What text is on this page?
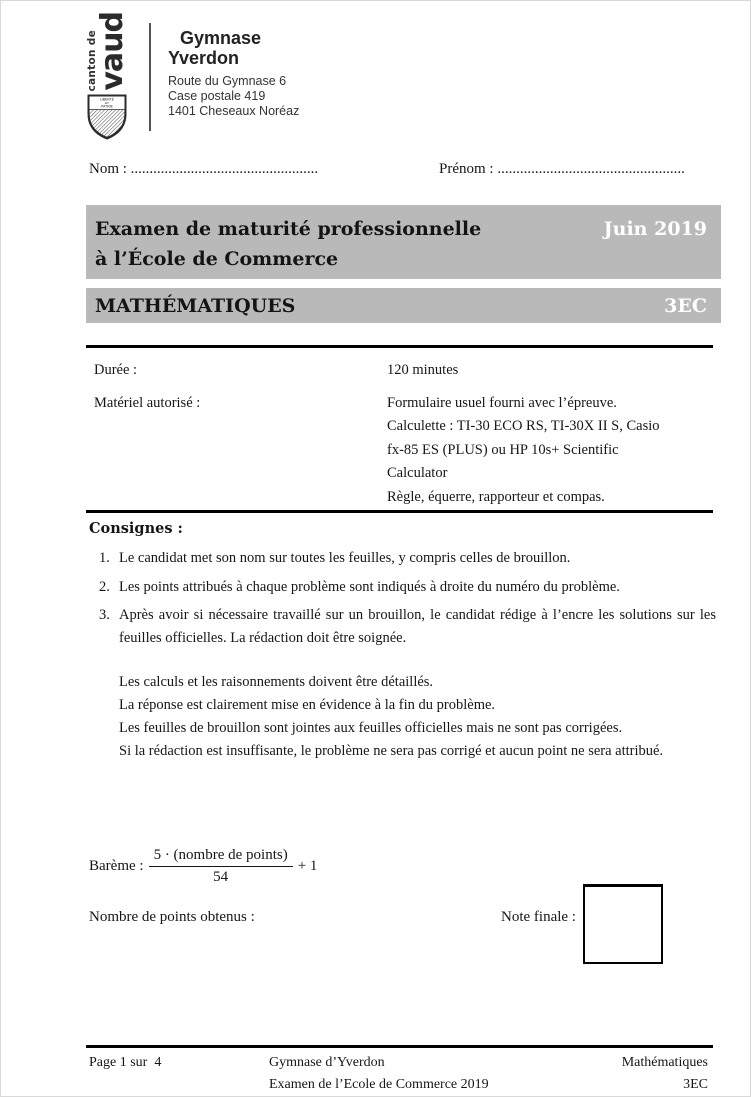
canton de
vaud
LIBERTÉ
ET
PATRIE
Gymnase
Yverdon
Route du Gymnase 6
Case postale 419
1401 Cheseaux Noréaz
Nom : ..................................................	Prénom : ..................................................
Examen de maturité professionnelle	Juin 2019
à l’École de Commerce
MATHÉMATIQUES	3EC
Durée :	120 minutes
Matériel autorisé :	Formulaire usuel fourni avec l’épreuve.
Calculette : TI-30 ECO RS, TI-30X II S, Casio
fx-85 ES (PLUS) ou HP 10s+ Scientific
Calculator
Règle, équerre, rapporteur et compas.
Consignes :
1. Le candidat met son nom sur toutes les feuilles, y compris celles de brouillon.
2. Les points attribués à chaque problème sont indiqués à droite du numéro du problème.
3. Après avoir si nécessaire travaillé sur un brouillon, le candidat rédige à l’encre les solutions sur les feuilles officielles. La rédaction doit être soignée.
Les calculs et les raisonnements doivent être détaillés.
La réponse est clairement mise en évidence à la fin du problème.
Les feuilles de brouillon sont jointes aux feuilles officielles mais ne sont pas corrigées.
Si la rédaction est insuffisante, le problème ne sera pas corrigé et aucun point ne sera attribué.
Barème : $\frac{\text{5 · (nombre de points)}}{54} + 1$
Nombre de points obtenus :	Note finale :
Page 1 sur  4	Gymnase d’Yverdon
Examen de l’Ecole de Commerce 2019
Mathématiques
3EC
